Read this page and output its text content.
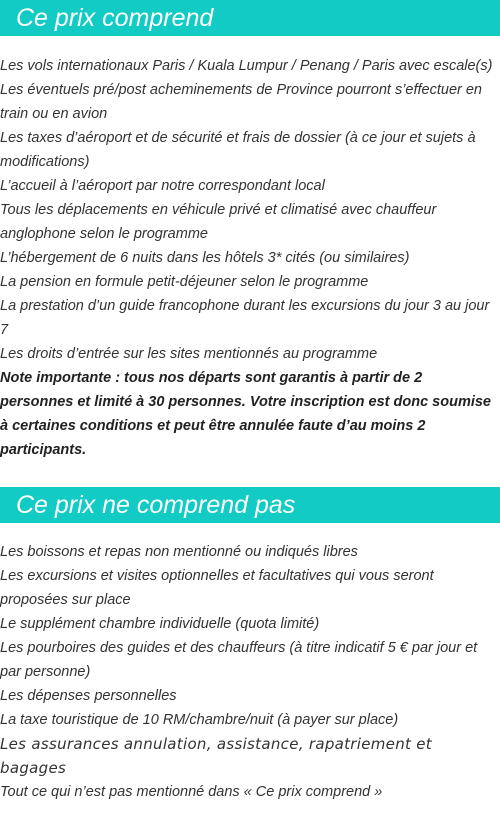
Ce prix comprend
Les vols internationaux Paris / Kuala Lumpur / Penang / Paris avec escale(s)
Les éventuels pré/post acheminements de Province pourront s’effectuer en train ou en avion
Les taxes d’aéroport et de sécurité et frais de dossier (à ce jour et sujets à modifications)
L’accueil à l’aéroport par notre correspondant local
Tous les déplacements en véhicule privé et climatisé avec chauffeur anglophone selon le programme
L’hébergement de 6 nuits dans les hôtels 3* cités (ou similaires)
La pension en formule petit-déjeuner selon le programme
La prestation d’un guide francophone durant les excursions du jour 3 au jour 7
Les droits d’entrée sur les sites mentionnés au programme

Note importante : tous nos départs sont garantis à partir de 2 personnes et limité à 30 personnes. Votre inscription est donc soumise à certaines conditions et peut être annulée faute d’au moins 2 participants.

Ce prix ne comprend pas
Les boissons et repas non mentionné ou indiqués libres
Les excursions et visites optionnelles et facultatives qui vous seront proposées sur place
Le supplément chambre individuelle (quota limité)
Les pourboires des guides et des chauffeurs (à titre indicatif 5 € par jour et par personne)
Les dépenses personnelles
La taxe touristique de 10 RM/chambre/nuit (à payer sur place)
Les assurances annulation, assistance, rapatriement et bagages
Tout ce qui n’est pas mentionné dans « Ce prix comprend »
